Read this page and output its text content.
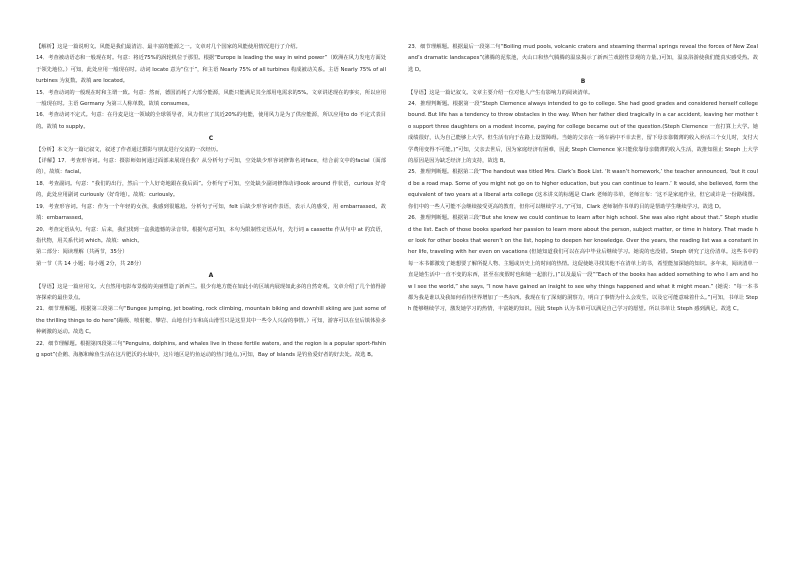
【解析】这是一篇说明文。风能是我们最清洁、最丰富的能源之一。文章对几个国家的风能使用情况进行了介绍。

14．考查被动语态和一般现在时。句意：将近75%的涡轮机位于那里。根据“Europe is leading the way in wind power”（欧洲在风力发电方面处于领先地位。）可知，此处应用一般现在时。动词 locate 意为“位于”，和主语 Nearly 75% of all turbines 构成被动关系。主语 Nearly 75% of all turbines 为复数。故填 are located。

15．考查动词的一般现在时和主谓一致。句意：然而，德国消耗了大部分能源，风能只能满足其全部用电需求的5%。文章讲述现在的事实，所以应用一般现在时。主语 Germany 为第三人称单数。故填 consumes。

16．考查动词不定式。句意：在丹麦是这一领域的全球领导者，风力供应了其近20%的电能，使用风力是为了供应能源，所以应用to do 不定式表目的。故填 to supply。

C

【分析】本文为一篇记叙文，叙述了作者通过摄影与朋友进行交流的一次经历。

【详解】17．考查形容词。句意：摄影师如何通过面部来展现自我？从分析句子可知，空处缺少形容词修饰名词face，结合前文中的facial（面部的），故填：facial。

18．考查副词。句意：“我们的出行，然后一个人好奇地跟在我后面”。分析句子可知，空处缺少副词修饰动词look around 作状语，curious 好奇的，此处应用副词 curiously（好奇地）。故填：curiously。

19．考查形容词。句意：作为一个年轻的女孩，我感到很尴尬。分析句子可知，felt 后缺少形容词作表语，表示人的感受，用 embarrassed。故填：embarrassed。

20．考查定语从句。句意：后来，我们找到一盒我遗憾的录音带。根据句意可知，本句为限制性定语从句，先行词 a cassette 作从句中 at 的宾语，指代物，用关系代词 which。故填：which。

第二部分：阅读理解（共两节，35分）

第一节（共 14 小题；每小题 2分，共 28分）

A

【导语】这是一篇应用文。大自然用电影布景般的美丽塑造了新西兰。很少有地方能在如此小的区域内展现如此多的自然奇观。文章介绍了几个值得游客探索的最佳景点。

21．细节理解题。根据第三段第二句“Bungee jumping, jet boating, rock climbing, mountain biking and downhill skiing are just some of the thrilling things to do here”(蹦极、喷射艇、攀岩、山地自行车和高山滑雪只是这里其中一些令人兴奋的事情。）可知，游客可以在皇后镇体验多种刺激的运动。故选 C。

22．细节理解题。根据第四段第三句“Penguins, dolphins, and whales live in these fertile waters, and the region is a popular sport-fishing spot”(企鹅、海豚和鲸鱼生活在这片肥沃的水域中，这片地区是钓鱼运动的热门地点。)可知，Bay of Islands 是钓鱼爱好者的好去处。故选 B。

23．细节理解题。根据最后一段第二句“Boiling mud pools, volcanic craters and steaming thermal springs reveal the forces of New Zealand’s dramatic landscapes”(沸腾的泥浆池，火山口和热气腾腾的温泉揭示了新西兰戏剧性景观的力量。)可知，温泉浴游使我们能真实感受热。故选 D。

B

【导语】这是一篇记叙文。文章主要介绍一位对他人产生有影响力的阅读清单。

24．推理判断题。根据第一段“Steph Clemence always intended to go to college. She had good grades and considered herself college bound. But life has a tendency to throw obstacles in the way. When her father died tragically in a car accident, leaving her mother to support three daughters on a modest income, paying for college became out of the question.(Steph Clemence 一直打算上大学。她成绩很好，认为自己能够上大学。但生活有向于在路上设置障碍。当她的父亲在一场车祸中不幸去世，留下母亲靠微薄的收入养活三个女儿时，支付大学费用变得不可能。)”可知，父亲去世后，因为家庭经济有困难，因此 Steph Clemence 家只能依靠母亲微薄的收入生活，故推知阻止 Steph 上大学的原因是因为缺乏经济上的支持，故选 B。

25．推理判断题。根据第二段“The handout was titled Mrs. Clark’s Book List. ‘It wasn’t homework,’ the teacher announced, ‘but it could be a road map. Some of you might not go on to higher education, but you can continue to learn.’ It would, she believed, form the equivalent of two years at a liberal arts college (这本讲义的标题是 Clark 老师的书单，老师宣布：‘这不是家庭作业，但它或许是一份路线图。你们中的一些人可能不会继续接受更高的教育，但你可以继续学习。’)”可知，Clark 老师制作书单的目的是帮助学生继续学习。故选 D。

26．推理判断题。根据第三段“But she knew we could continue to learn after high school. She was also right about that.” Steph studied the list. Each of those books sparked her passion to learn more about the person, subject matter, or time in history. That made her look for other books that weren’t on the list, hoping to deepen her knowledge. Over the years, the reading list was a constant in her life, traveling with her even on vacations (但她知道我们可以在高中毕业后继续学习。她说的也没错。Steph 研究了这份清单。这些书中的每一本书都激发了她想要了解所提人物、主题或历史上的时间的热情。这促使她寻找其他不在清单上的书，希望能加深她的知识。多年来，阅读清单一直是她生活中一直不变的东西，甚至在度假时也和她一起旅行。)”以及最后一段““Each of the books has added something to who I am and how I see the world,” she says, “I now have gained an insight to see why things happened and what it might mean.” (她说：“每一本书都为我是谁以及我如何看待世界增加了一些东西。我现在有了深刻的洞察力，明白了事情为什么会发生，以及它可能意味着什么。”)可知，书单让 Steph 能够继续学习，激发她学习的热情，丰富她的知识。因此 Steph 认为书单可以满足自己学习的愿望。所以书单让 Steph 感到满足。故选 C。
